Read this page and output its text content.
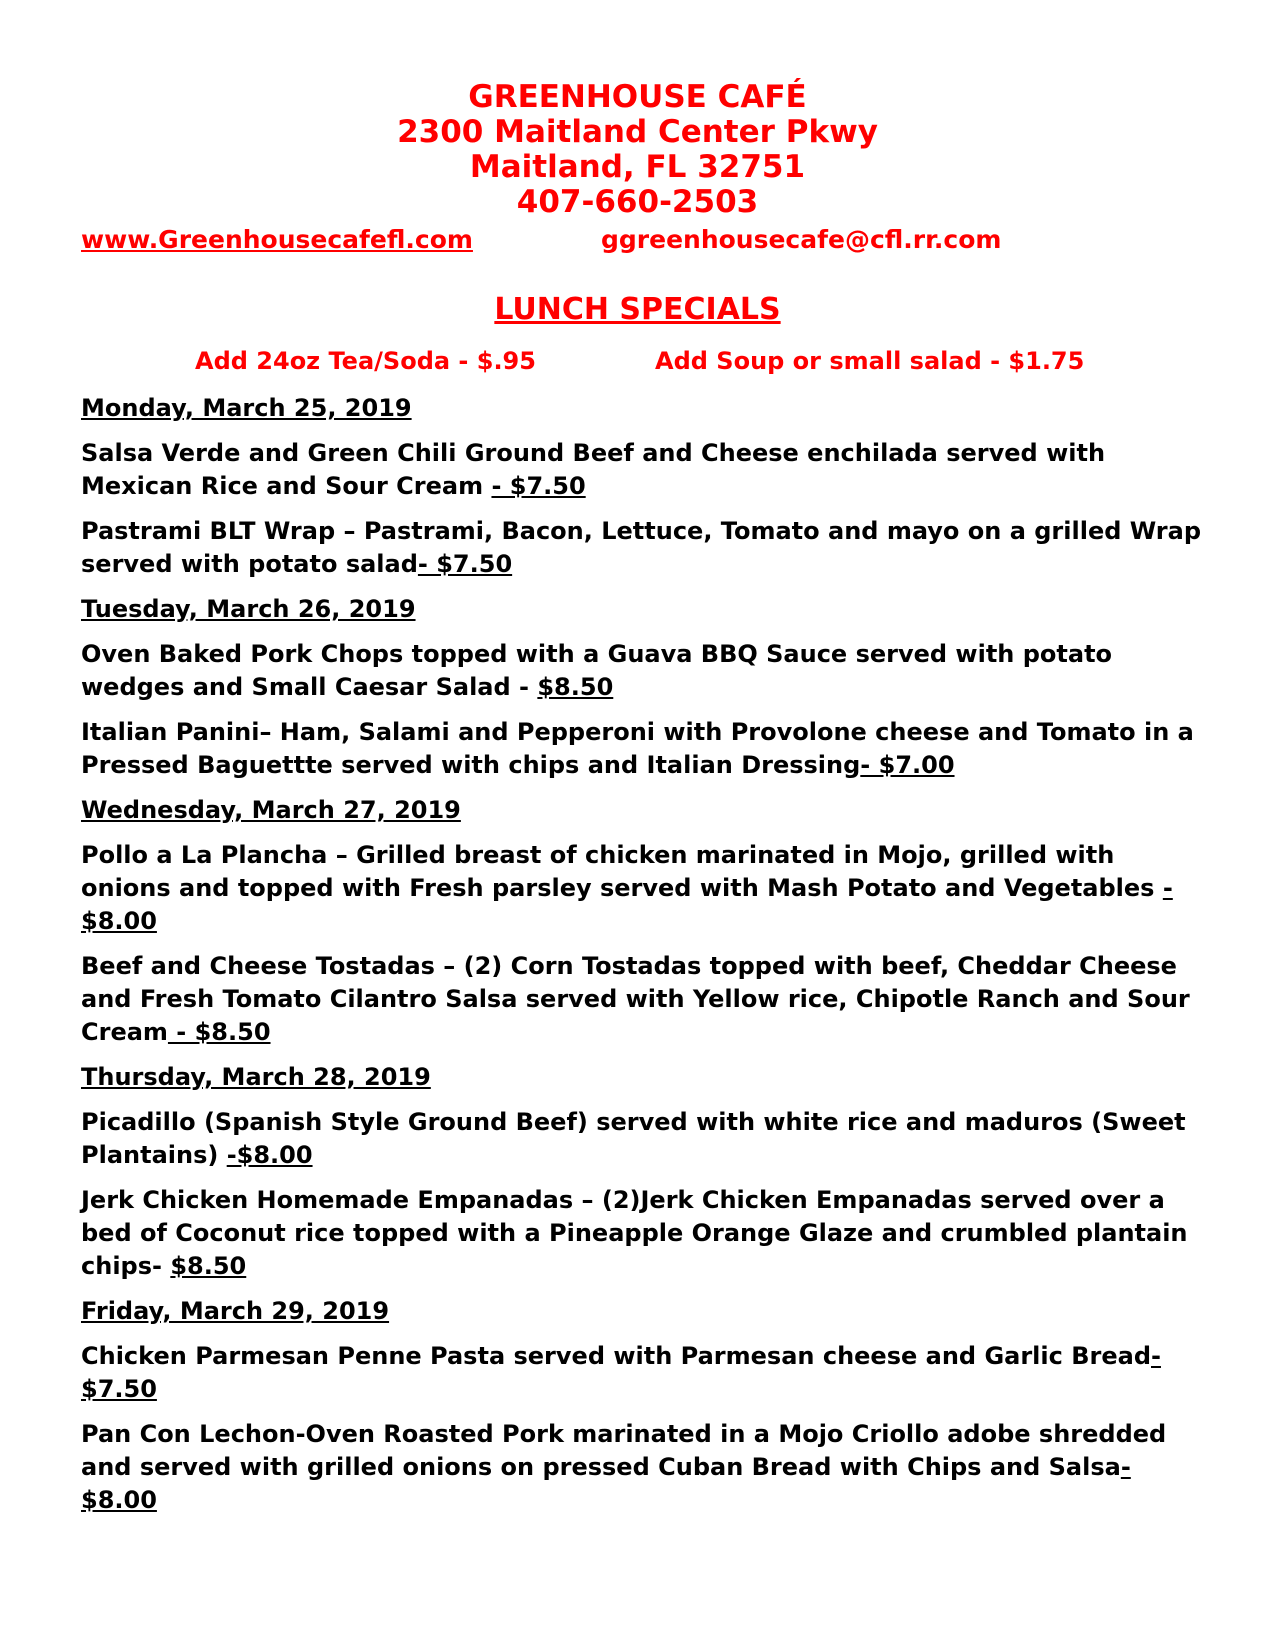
GREENHOUSE CAFÉ
2300 Maitland Center Pkwy
Maitland, FL 32751
407-660-2503
www.Greenhousecafefl.com	ggreenhousecafe@cfl.rr.com
LUNCH SPECIALS
Add 24oz Tea/Soda - $.95	Add Soup or small salad - $1.75
Monday, March 25, 2019
Salsa Verde and Green Chili Ground Beef and Cheese enchilada served with Mexican Rice and Sour Cream - $7.50
Pastrami BLT Wrap – Pastrami, Bacon, Lettuce, Tomato and mayo on a grilled Wrap served with potato salad- $7.50
Tuesday, March 26, 2019
Oven Baked Pork Chops topped with a Guava BBQ Sauce served with potato wedges and Small Caesar Salad - $8.50
Italian Panini– Ham, Salami and Pepperoni with Provolone cheese and Tomato in a Pressed Baguettte served with chips and Italian Dressing- $7.00
Wednesday, March 27, 2019
Pollo a La Plancha – Grilled breast of chicken marinated in Mojo, grilled with onions and topped with Fresh parsley served with Mash Potato and Vegetables - $8.00
Beef and Cheese Tostadas – (2) Corn Tostadas topped with beef, Cheddar Cheese and Fresh Tomato Cilantro Salsa served with Yellow rice, Chipotle Ranch and Sour Cream - $8.50
Thursday, March 28, 2019
Picadillo (Spanish Style Ground Beef) served with white rice and maduros (Sweet Plantains) -$8.00
Jerk Chicken Homemade Empanadas – (2)Jerk Chicken Empanadas served over a bed of Coconut rice topped with a Pineapple Orange Glaze and crumbled plantain chips- $8.50
Friday, March 29, 2019
Chicken Parmesan Penne Pasta served with Parmesan cheese and Garlic Bread- $7.50
Pan Con Lechon-Oven Roasted Pork marinated in a Mojo Criollo adobe shredded and served with grilled onions on pressed Cuban Bread with Chips and Salsa- $8.00
